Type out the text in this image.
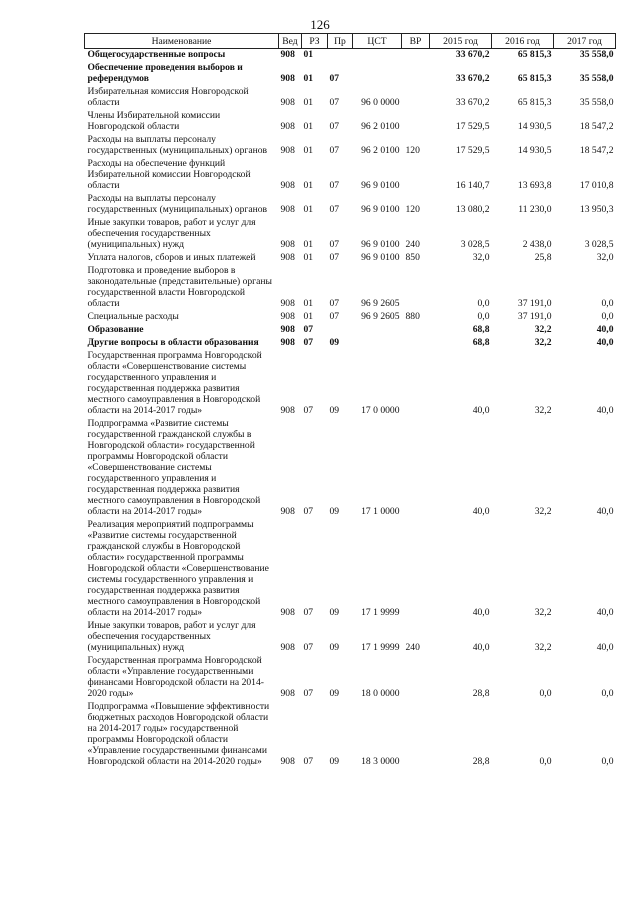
126
Наименование	Вед	РЗ	Пр	ЦСТ	ВР	2015 год	2016 год	2017 год
Общегосударственные вопросы	908	01				33 670,2	65 815,3	35 558,0
Обеспечение проведения выборов и референдумов	908	01	07			33 670,2	65 815,3	35 558,0
Избирательная комиссия Новгородской области	908	01	07	96 0 0000		33 670,2	65 815,3	35 558,0
Члены Избирательной комиссии Новгородской области	908	01	07	96 2 0100		17 529,5	14 930,5	18 547,2
Расходы на выплаты персоналу государственных (муниципальных) органов	908	01	07	96 2 0100	120	17 529,5	14 930,5	18 547,2
Расходы на обеспечение функций Избирательной комиссии Новгородской области	908	01	07	96 9 0100		16 140,7	13 693,8	17 010,8
Расходы на выплаты персоналу государственных (муниципальных) органов	908	01	07	96 9 0100	120	13 080,2	11 230,0	13 950,3
Иные закупки товаров, работ и услуг для обеспечения государственных (муниципальных) нужд	908	01	07	96 9 0100	240	3 028,5	2 438,0	3 028,5
Уплата налогов, сборов и иных платежей	908	01	07	96 9 0100	850	32,0	25,8	32,0
Подготовка и проведение выборов в законодательные (представительные) органы государственной власти Новгородской области	908	01	07	96 9 2605		0,0	37 191,0	0,0
Специальные расходы	908	01	07	96 9 2605	880	0,0	37 191,0	0,0
Образование	908	07				68,8	32,2	40,0
Другие вопросы в области образования	908	07	09			68,8	32,2	40,0
Государственная программа Новгородской области «Совершенствование системы государственного управления и государственная поддержка развития местного самоуправления в Новгородской области на 2014-2017 годы»	908	07	09	17 0 0000		40,0	32,2	40,0
Подпрограмма «Развитие системы государственной гражданской службы в Новгородской области» государственной программы Новгородской области «Совершенствование системы государственного управления и государственная поддержка развития местного самоуправления в Новгородской области на 2014-2017 годы»	908	07	09	17 1 0000		40,0	32,2	40,0
Реализация мероприятий подпрограммы «Развитие системы государственной гражданской службы в Новгородской области» государственной программы Новгородской области «Совершенствование системы государственного управления и государственная поддержка развития местного самоуправления в Новгородской области на 2014-2017 годы»	908	07	09	17 1 9999		40,0	32,2	40,0
Иные закупки товаров, работ и услуг для обеспечения государственных (муниципальных) нужд	908	07	09	17 1 9999	240	40,0	32,2	40,0
Государственная программа Новгородской области «Управление государственными финансами Новгородской области на 2014-2020 годы»	908	07	09	18 0 0000		28,8	0,0	0,0
Подпрограмма «Повышение эффективности бюджетных расходов Новгородской области на 2014-2017 годы» государственной программы Новгородской области «Управление государственными финансами Новгородской области на 2014-2020 годы»	908	07	09	18 3 0000		28,8	0,0	0,0
